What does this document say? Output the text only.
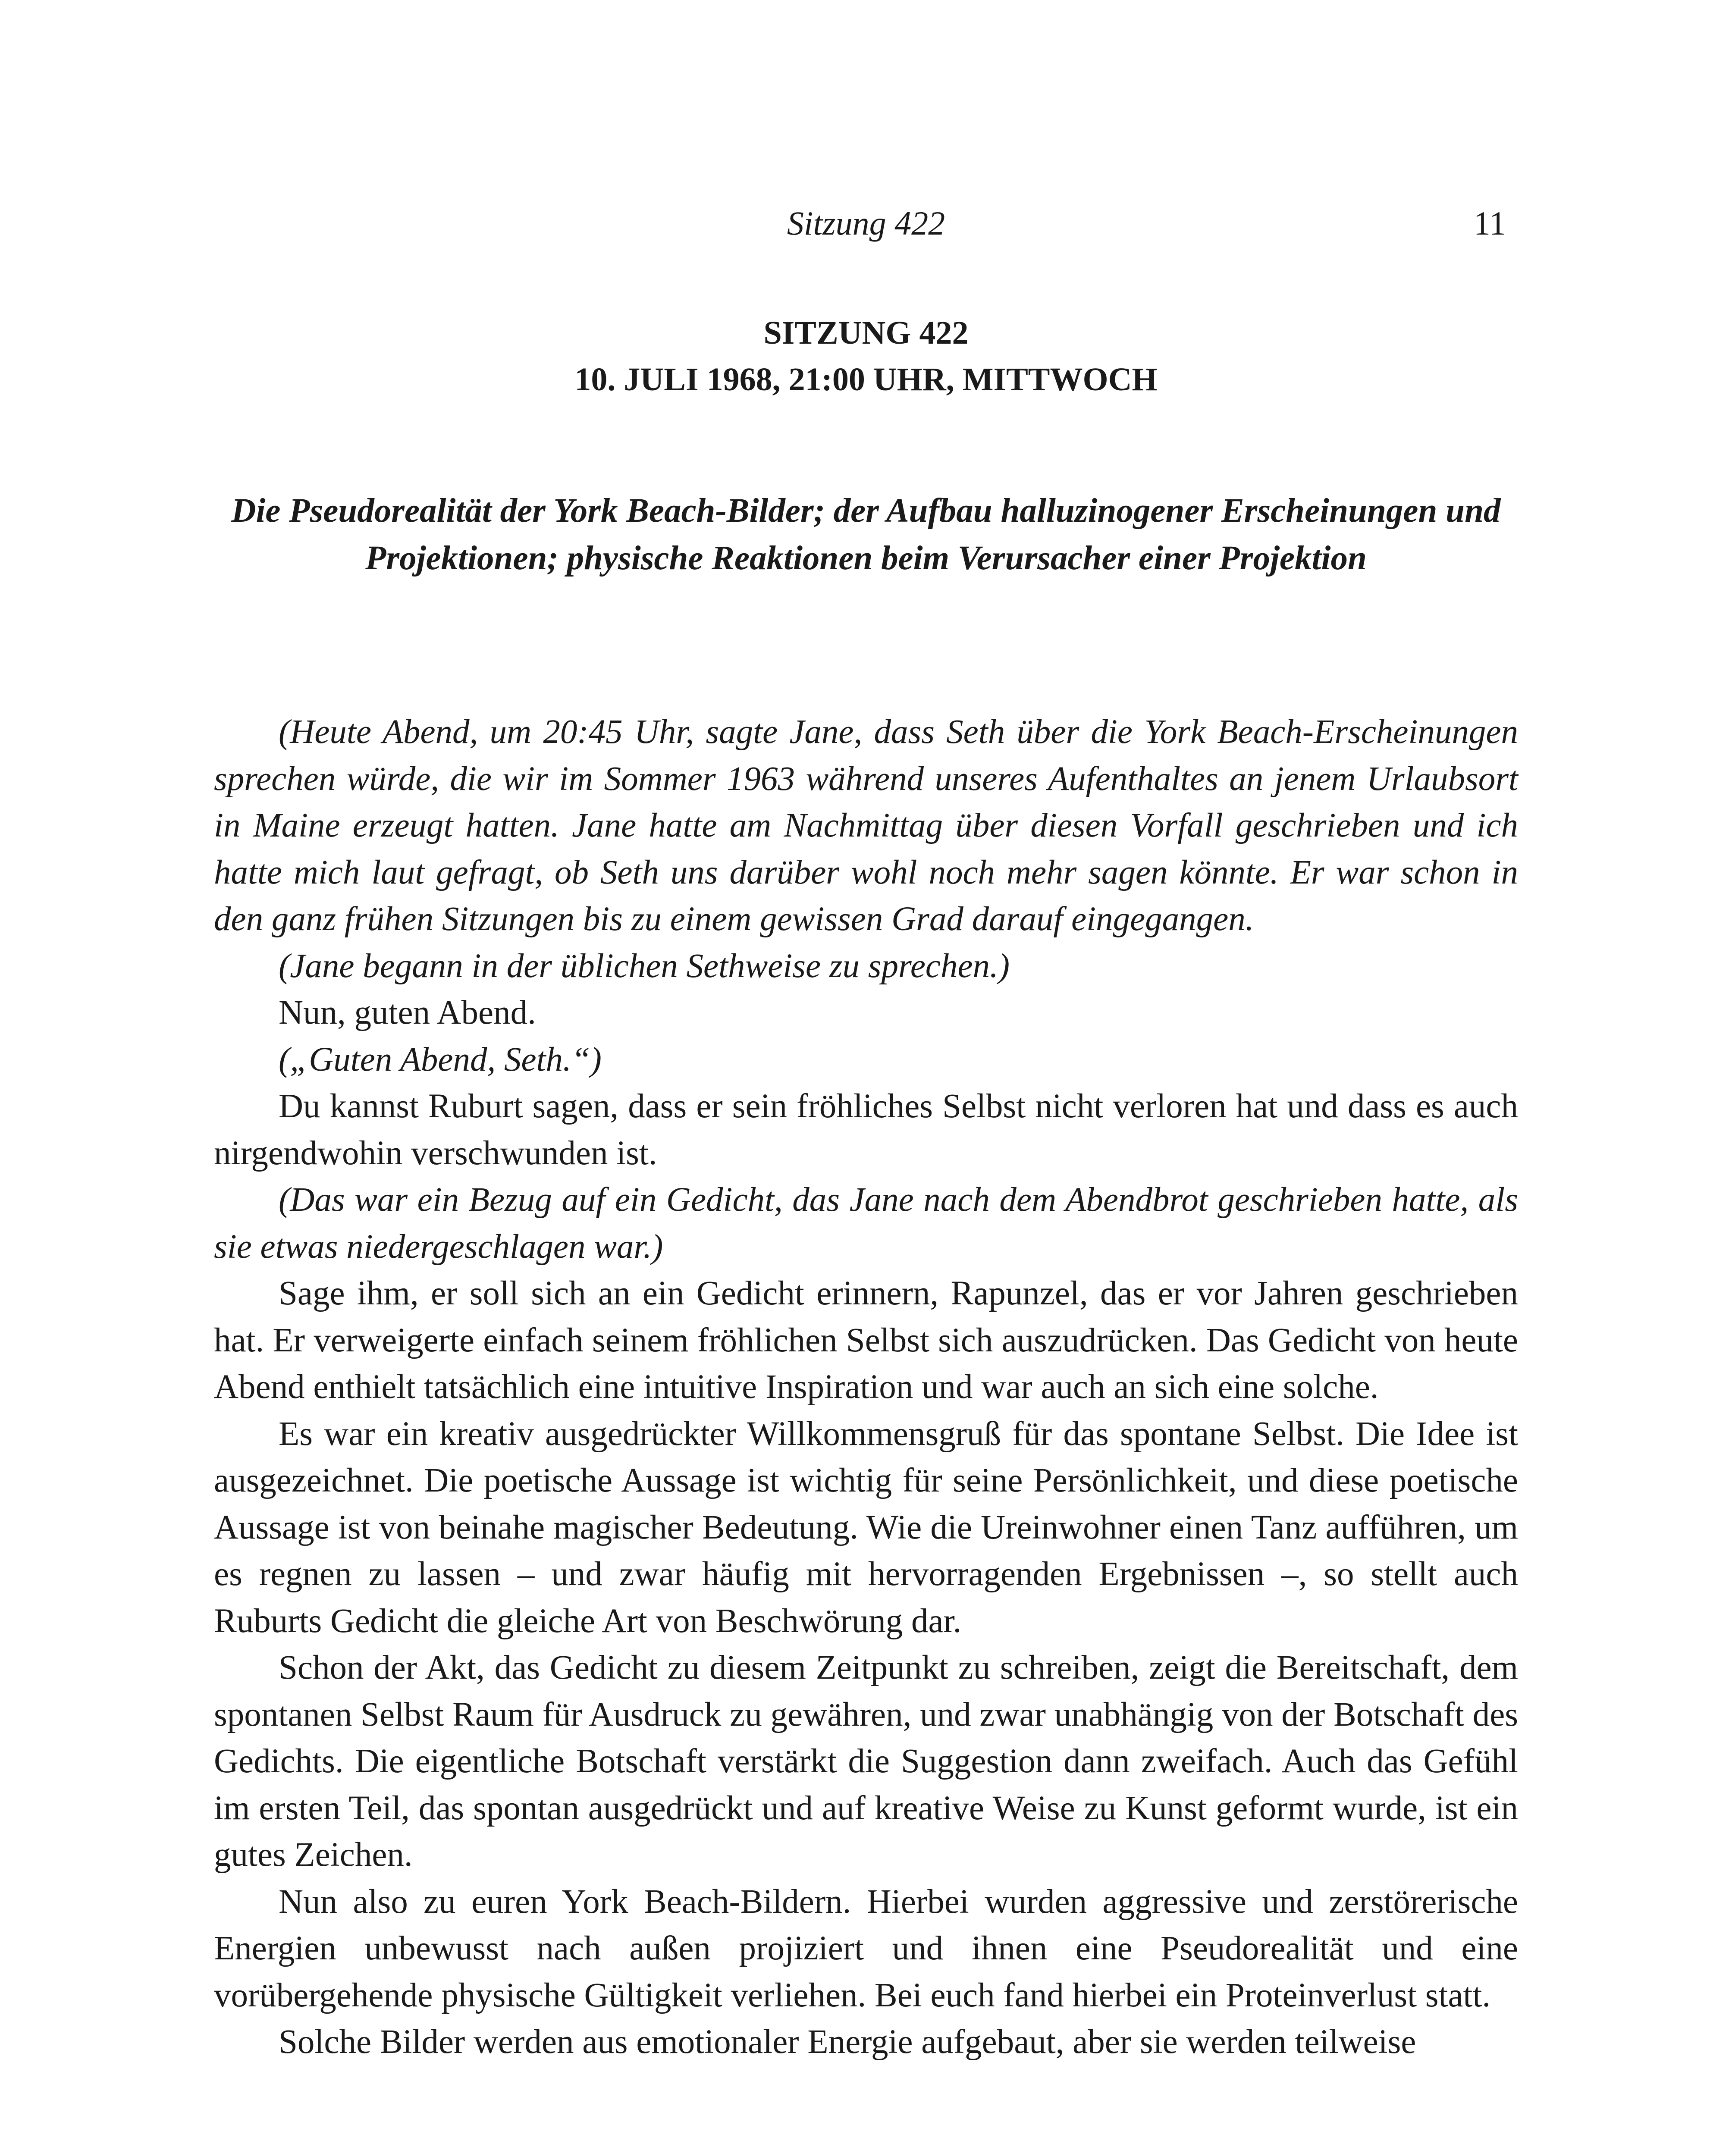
Sitzung 422	11
SITZUNG 422
10. JULI 1968, 21:00 UHR, MITTWOCH
Die Pseudorealität der York Beach-Bilder; der Aufbau halluzinogener Erscheinungen und Projektionen; physische Reaktionen beim Verursacher einer Projektion

(Heute Abend, um 20:45 Uhr, sagte Jane, dass Seth über die York Beach-Erscheinungen sprechen würde, die wir im Sommer 1963 während unseres Aufenthaltes an jenem Urlaubsort in Maine erzeugt hatten. Jane hatte am Nachmittag über diesen Vorfall geschrieben und ich hatte mich laut gefragt, ob Seth uns darüber wohl noch mehr sagen könnte. Er war schon in den ganz frühen Sitzungen bis zu einem gewissen Grad darauf eingegangen.

(Jane begann in der üblichen Sethweise zu sprechen.)

Nun, guten Abend.

(„Guten Abend, Seth.“)

Du kannst Ruburt sagen, dass er sein fröhliches Selbst nicht verloren hat und dass es auch nirgendwohin verschwunden ist.

(Das war ein Bezug auf ein Gedicht, das Jane nach dem Abendbrot geschrieben hatte, als sie etwas niedergeschlagen war.)

Sage ihm, er soll sich an ein Gedicht erinnern, Rapunzel, das er vor Jahren geschrieben hat. Er verweigerte einfach seinem fröhlichen Selbst sich auszudrücken. Das Gedicht von heute Abend enthielt tatsächlich eine intuitive Inspiration und war auch an sich eine solche.

Es war ein kreativ ausgedrückter Willkommensgruß für das spontane Selbst. Die Idee ist ausgezeichnet. Die poetische Aussage ist wichtig für seine Persönlichkeit, und diese poetische Aussage ist von beinahe magischer Bedeutung. Wie die Ureinwohner einen Tanz aufführen, um es regnen zu lassen – und zwar häufig mit hervorragenden Ergebnissen –, so stellt auch Ruburts Gedicht die gleiche Art von Beschwörung dar.

Schon der Akt, das Gedicht zu diesem Zeitpunkt zu schreiben, zeigt die Bereitschaft, dem spontanen Selbst Raum für Ausdruck zu gewähren, und zwar unabhängig von der Botschaft des Gedichts. Die eigentliche Botschaft verstärkt die Suggestion dann zweifach. Auch das Gefühl im ersten Teil, das spontan ausgedrückt und auf kreative Weise zu Kunst geformt wurde, ist ein gutes Zeichen.

Nun also zu euren York Beach-Bildern. Hierbei wurden aggressive und zerstörerische Energien unbewusst nach außen projiziert und ihnen eine Pseudorealität und eine vorübergehende physische Gültigkeit verliehen. Bei euch fand hierbei ein Proteinverlust statt.

Solche Bilder werden aus emotionaler Energie aufgebaut, aber sie werden teilweise
